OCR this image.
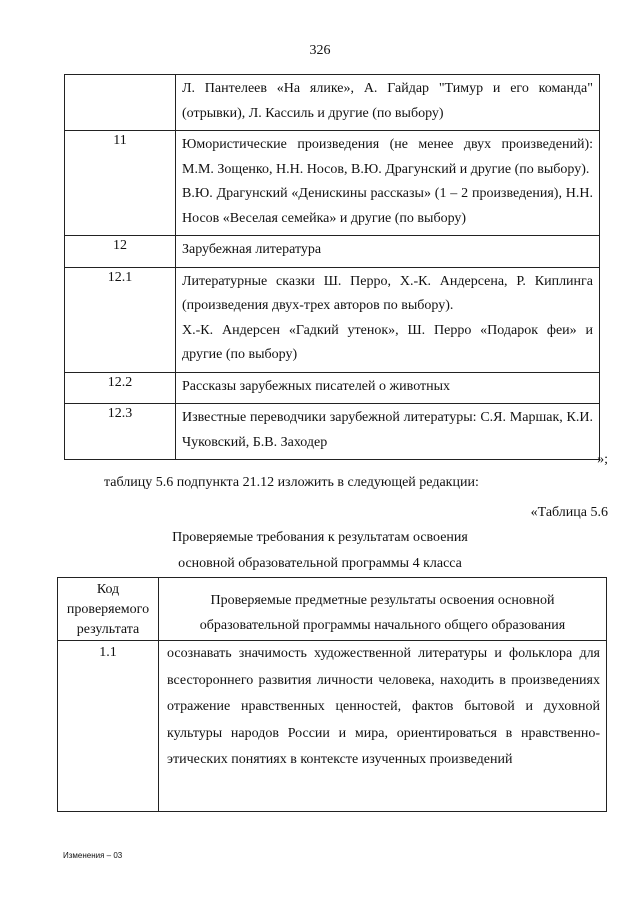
326

	Л. Пантелеев «На ялике», А. Гайдар "Тимур и его команда" (отрывки), Л. Кассиль и другие (по выбору)

11	Юмористические произведения (не менее двух произведений): М.М. Зощенко, Н.Н. Носов, В.Ю. Драгунский и другие (по выбору).

В.Ю. Драгунский «Денискины рассказы» (1 – 2 произведения), Н.Н. Носов «Веселая семейка» и другие (по выбору)

12	Зарубежная литература

12.1	Литературные сказки Ш. Перро, Х.-К. Андерсена, Р. Киплинга (произведения двух-трех авторов по выбору).

Х.-К. Андерсен «Гадкий утенок», Ш. Перро «Подарок феи» и другие (по выбору)

12.2	Рассказы зарубежных писателей о животных

12.3	Известные переводчики зарубежной литературы: С.Я. Маршак, К.И. Чуковский, Б.В. Заходер

»;
таблицу 5.6 подпункта 21.12 изложить в следующей редакции:
«Таблица 5.6
Проверяемые требования к результатам освоения
основной образовательной программы 4 класса
Код проверяемого результата	Проверяемые предметные результаты освоения основной образовательной программы начального общего образования
1.1	осознавать значимость художественной литературы и фольклора для всестороннего развития личности человека, находить в произведениях отражение нравственных ценностей, фактов бытовой и духовной культуры народов России и мира, ориентироваться в нравственно-этических понятиях в контексте изученных произведений
Изменения – 03
